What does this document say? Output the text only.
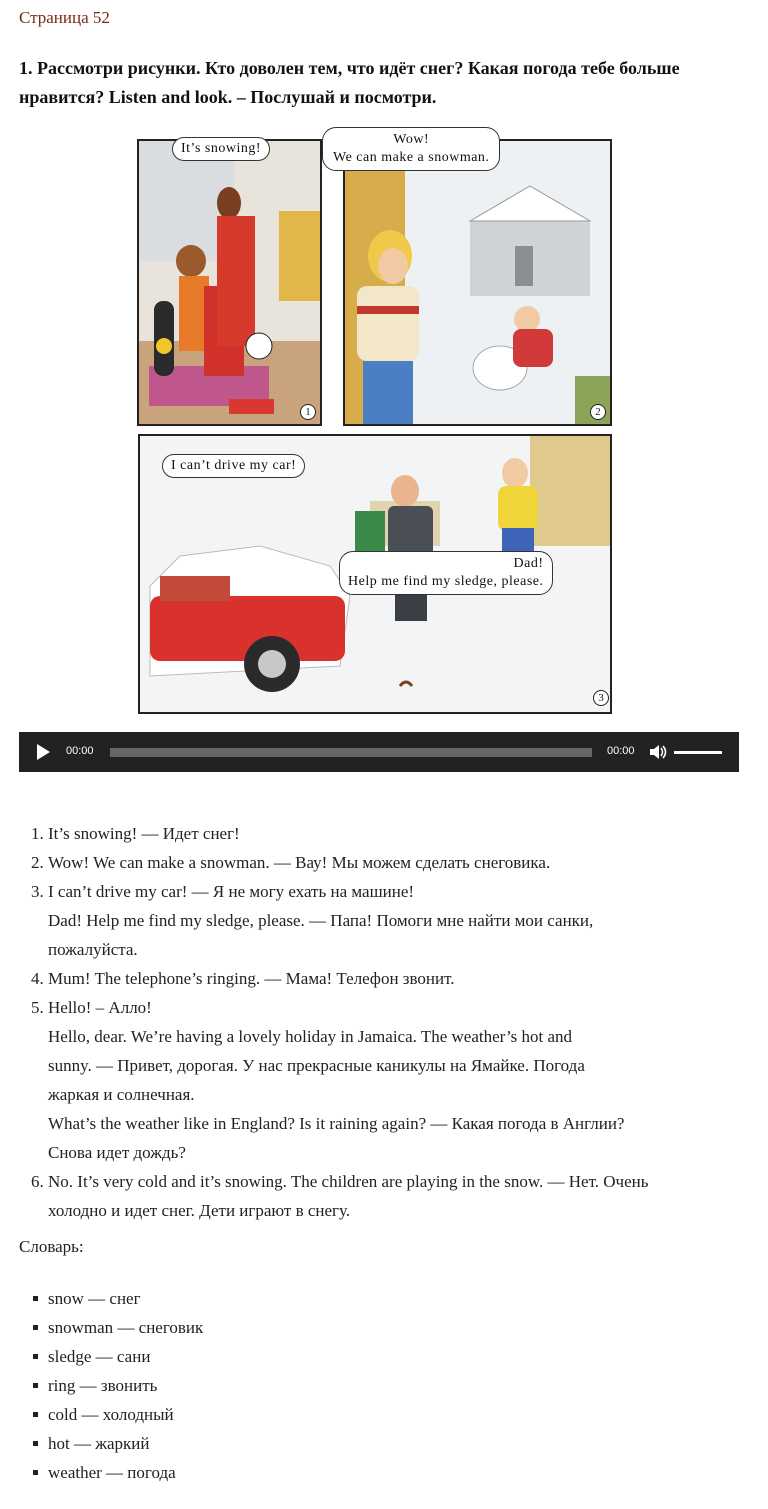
Страница 52
1. Рассмотри рисунки. Кто доволен тем, что идёт снег? Какая погода тебе больше нравится? Listen and look. – Послушай и посмотри.
1	2
3
It’s snowing!
Wow!
We can make a snowman.
I can’t drive my car!
Dad!
Help me find my sledge, please.
00:00	00:00
1. It’s snowing! — Идет снег!
2. Wow! We can make a snowman. — Вау! Мы можем сделать снеговика.
3. I can’t drive my car! — Я не могу ехать на машине!
Dad! Help me find my sledge, please. — Папа! Помоги мне найти мои санки,
пожалуйста.
4. Mum! The telephone’s ringing. — Мама! Телефон звонит.
5. Hello! – Алло!
Hello, dear. We’re having a lovely holiday in Jamaica. The weather’s hot and
sunny. — Привет, дорогая. У нас прекрасные каникулы на Ямайке. Погода
жаркая и солнечная.
What’s the weather like in England? Is it raining again? — Какая погода в Англии?
Снова идет дождь?
6. No. It’s very cold and it’s snowing. The children are playing in the snow. — Нет. Очень
холодно и идет снег. Дети играют в снегу.
Словарь:
snow — снег
snowman — снеговик
sledge — сани
ring — звонить
cold — холодный
hot — жаркий
weather — погода
